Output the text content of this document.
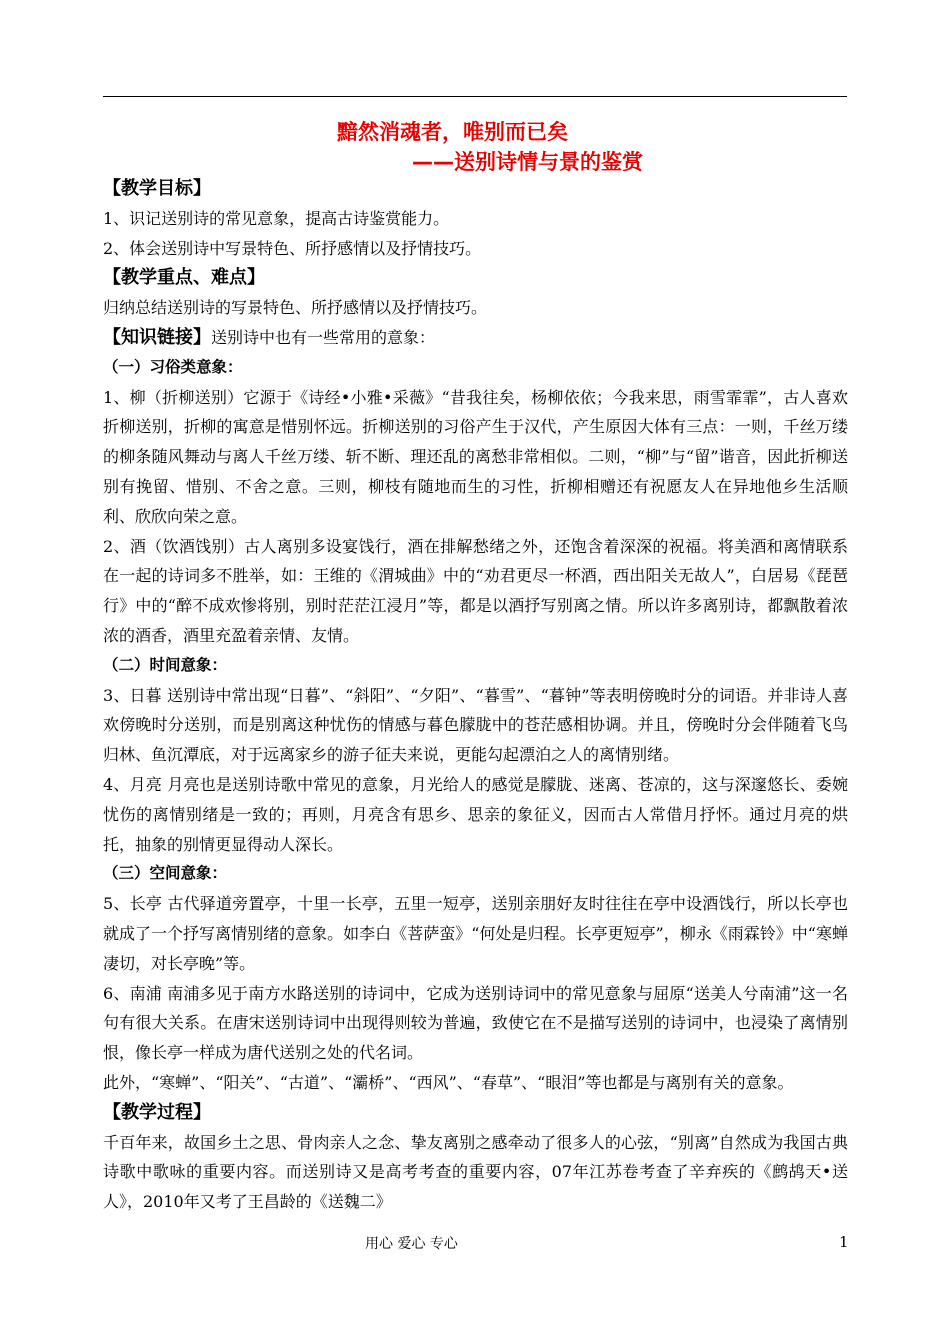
黯然消魂者，唯别而已矣
——送别诗情与景的鉴赏

【教学目标】

1、识记送别诗的常见意象，提高古诗鉴赏能力。

2、体会送别诗中写景特色、所抒感情以及抒情技巧。

【教学重点、难点】

归纳总结送别诗的写景特色、所抒感情以及抒情技巧。

【知识链接】送别诗中也有一些常用的意象：

（一）习俗类意象：

1、柳（折柳送别）它源于《诗经•小雅•采薇》“昔我往矣，杨柳依依；今我来思，雨雪霏霏”，古人喜欢折柳送别，折柳的寓意是惜别怀远。折柳送别的习俗产生于汉代，产生原因大体有三点：一则，千丝万缕的柳条随风舞动与离人千丝万缕、斩不断、理还乱的离愁非常相似。二则，“柳”与“留”谐音，因此折柳送别有挽留、惜别、不舍之意。三则，柳枝有随地而生的习性，折柳相赠还有祝愿友人在异地他乡生活顺利、欣欣向荣之意。

2、酒（饮酒饯别）古人离别多设宴饯行，酒在排解愁绪之外，还饱含着深深的祝福。将美酒和离情联系在一起的诗词多不胜举，如：王维的《渭城曲》中的“劝君更尽一杯酒，西出阳关无故人”，白居易《琵琶行》中的“醉不成欢惨将别，别时茫茫江浸月”等，都是以酒抒写别离之情。所以许多离别诗，都飘散着浓浓的酒香，酒里充盈着亲情、友情。

（二）时间意象：

3、日暮 送别诗中常出现“日暮”、“斜阳”、“夕阳”、“暮雪”、“暮钟”等表明傍晚时分的词语。并非诗人喜欢傍晚时分送别，而是别离这种忧伤的情感与暮色朦胧中的苍茫感相协调。并且，傍晚时分会伴随着飞鸟归林、鱼沉潭底，对于远离家乡的游子征夫来说，更能勾起漂泊之人的离情别绪。

4、月亮 月亮也是送别诗歌中常见的意象，月光给人的感觉是朦胧、迷离、苍凉的，这与深邃悠长、委婉忧伤的离情别绪是一致的；再则，月亮含有思乡、思亲的象征义，因而古人常借月抒怀。通过月亮的烘托，抽象的别情更显得动人深长。

（三）空间意象：

5、长亭 古代驿道旁置亭，十里一长亭，五里一短亭，送别亲朋好友时往往在亭中设酒饯行，所以长亭也就成了一个抒写离情别绪的意象。如李白《菩萨蛮》“何处是归程。长亭更短亭”，柳永《雨霖铃》中“寒蝉凄切，对长亭晚”等。

6、南浦 南浦多见于南方水路送别的诗词中，它成为送别诗词中的常见意象与屈原“送美人兮南浦”这一名句有很大关系。在唐宋送别诗词中出现得则较为普遍，致使它在不是描写送别的诗词中，也浸染了离情别恨，像长亭一样成为唐代送别之处的代名词。

此外，“寒蝉”、“阳关”、“古道”、“灞桥”、“西风”、“春草”、“眼泪”等也都是与离别有关的意象。

【教学过程】

千百年来，故国乡土之思、骨肉亲人之念、挚友离别之感牵动了很多人的心弦，“别离”自然成为我国古典诗歌中歌咏的重要内容。而送别诗又是高考考查的重要内容，07年江苏卷考查了辛弃疾的《鹧鸪天•送人》，2010年又考了王昌龄的《送魏二》

用心 爱心 专心	1
